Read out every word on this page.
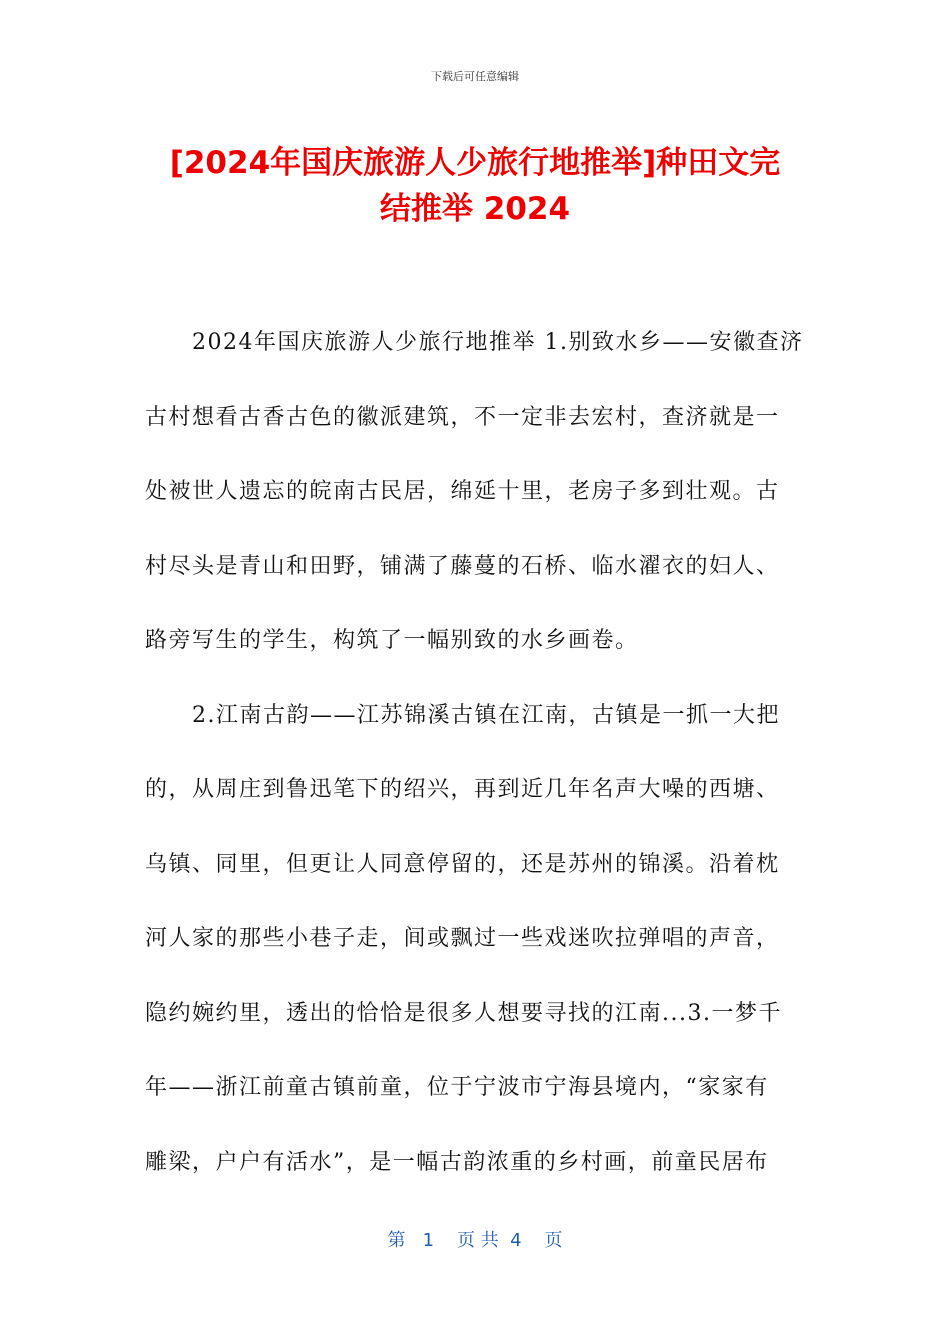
下载后可任意编辑
[2024年国庆旅游人少旅行地推举]种田文完
结推举 2024
　　2024年国庆旅游人少旅行地推举 1.别致水乡——安徽查济
古村想看古香古色的徽派建筑，不一定非去宏村，查济就是一
处被世人遗忘的皖南古民居，绵延十里，老房子多到壮观。古
村尽头是青山和田野，铺满了藤蔓的石桥、临水濯衣的妇人、
路旁写生的学生，构筑了一幅别致的水乡画卷。
　　2.江南古韵——江苏锦溪古镇在江南，古镇是一抓一大把
的，从周庄到鲁迅笔下的绍兴，再到近几年名声大噪的西塘、
乌镇、同里，但更让人同意停留的，还是苏州的锦溪。沿着枕
河人家的那些小巷子走，间或飘过一些戏迷吹拉弹唱的声音，
隐约婉约里，透出的恰恰是很多人想要寻找的江南...3.一梦千
年——浙江前童古镇前童，位于宁波市宁海县境内，“家家有
雕梁，户户有活水”，是一幅古韵浓重的乡村画，前童民居布
第   1    页 共  4    页
